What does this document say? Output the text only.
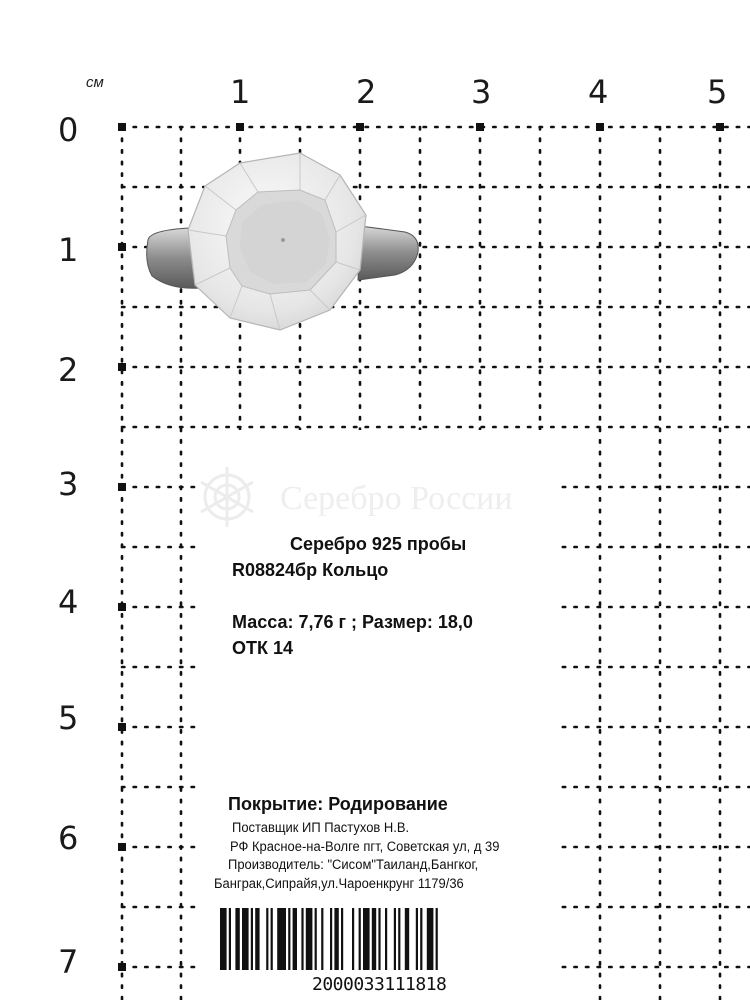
см	1	2	3	4	5
0
1
2
3
4
5
6
7
Серебро России
Серебро 925 пробы
R08824бр Кольцо
Масса: 7,76 г ; Размер: 18,0
ОТК 14
Покрытие: Родирование
Поставщик ИП Пастухов Н.В.
РФ Красное-на-Волге пгт, Советская ул, д 39
Производитель: "Сисом"Таиланд,Бангког,
Банграк,Сипрайя,ул.Чароенкрунг 1179/36
2000033111818
